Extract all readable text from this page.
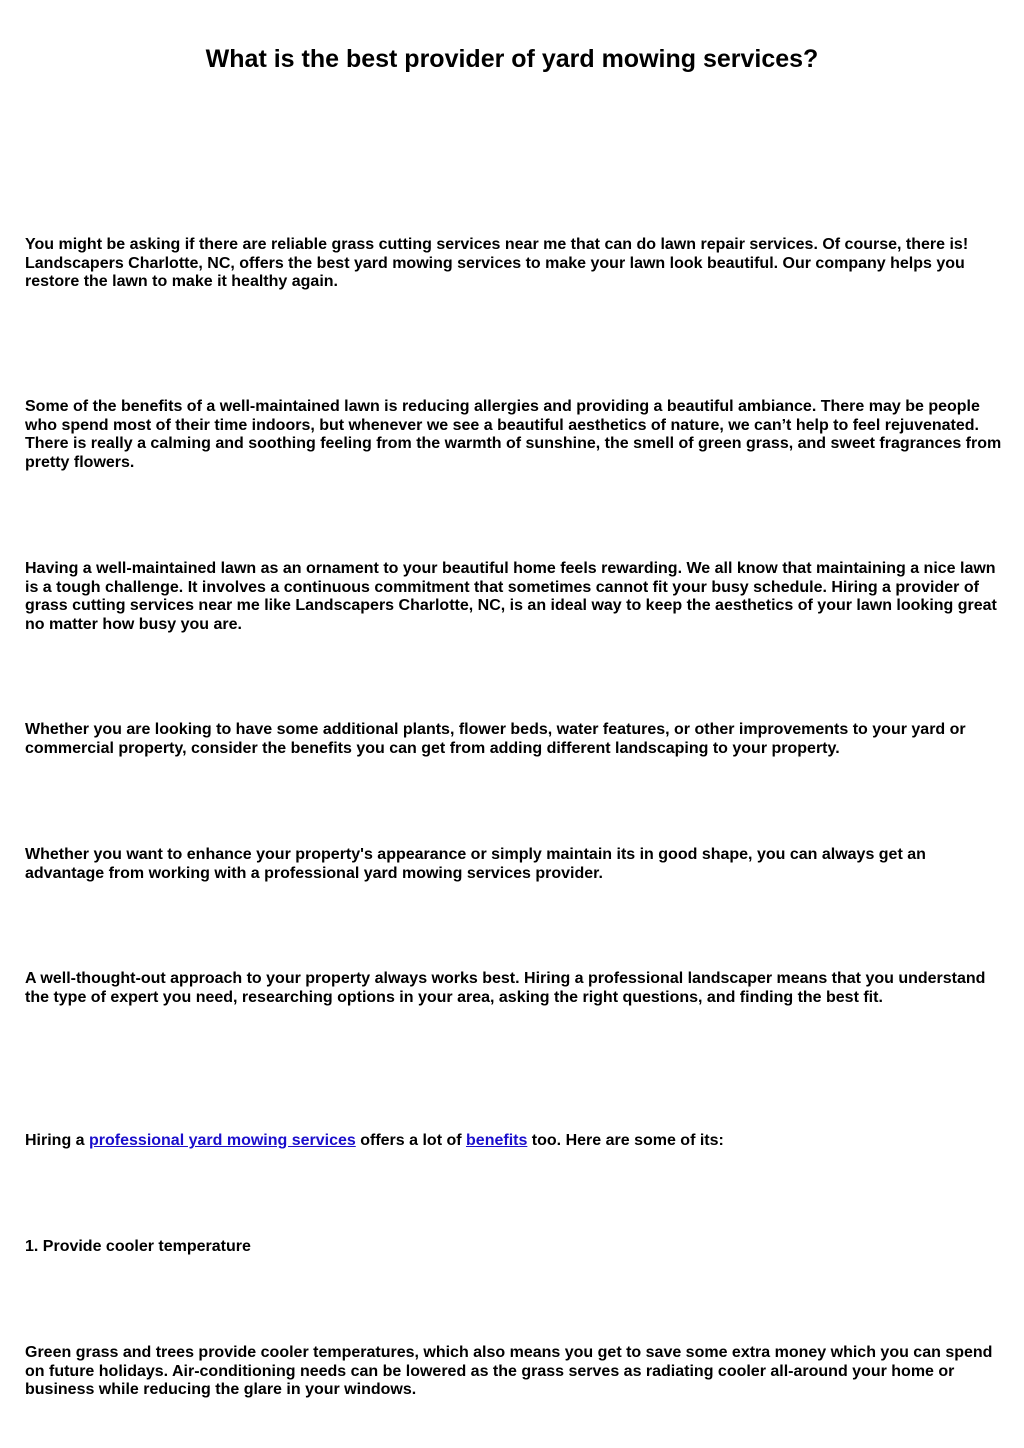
What is the best provider of yard mowing services?

You might be asking if there are reliable grass cutting services near me that can do lawn repair services. Of course, there is! Landscapers Charlotte, NC, offers the best yard mowing services to make your lawn look beautiful. Our company helps you restore the lawn to make it healthy again.

Some of the benefits of a well-maintained lawn is reducing allergies and providing a beautiful ambiance. There may be people who spend most of their time indoors, but whenever we see a beautiful aesthetics of nature, we can’t help to feel rejuvenated. There is really a calming and soothing feeling from the warmth of sunshine, the smell of green grass, and sweet fragrances from pretty flowers.

Having a well-maintained lawn as an ornament to your beautiful home feels rewarding. We all know that maintaining a nice lawn is a tough challenge. It involves a continuous commitment that sometimes cannot fit your busy schedule. Hiring a provider of grass cutting services near me like Landscapers Charlotte, NC, is an ideal way to keep the aesthetics of your lawn looking great no matter how busy you are.

Whether you are looking to have some additional plants, flower beds, water features, or other improvements to your yard or commercial property, consider the benefits you can get from adding different landscaping to your property.

Whether you want to enhance your property's appearance or simply maintain its in good shape, you can always get an advantage from working with a professional yard mowing services provider.

A well-thought-out approach to your property always works best. Hiring a professional landscaper means that you understand the type of expert you need, researching options in your area, asking the right questions, and finding the best fit.

Hiring a professional yard mowing services offers a lot of benefits too. Here are some of its:

1. Provide cooler temperature

Green grass and trees provide cooler temperatures, which also means you get to save some extra money which you can spend on future holidays. Air-conditioning needs can be lowered as the grass serves as radiating cooler all-around your home or business while reducing the glare in your windows.
